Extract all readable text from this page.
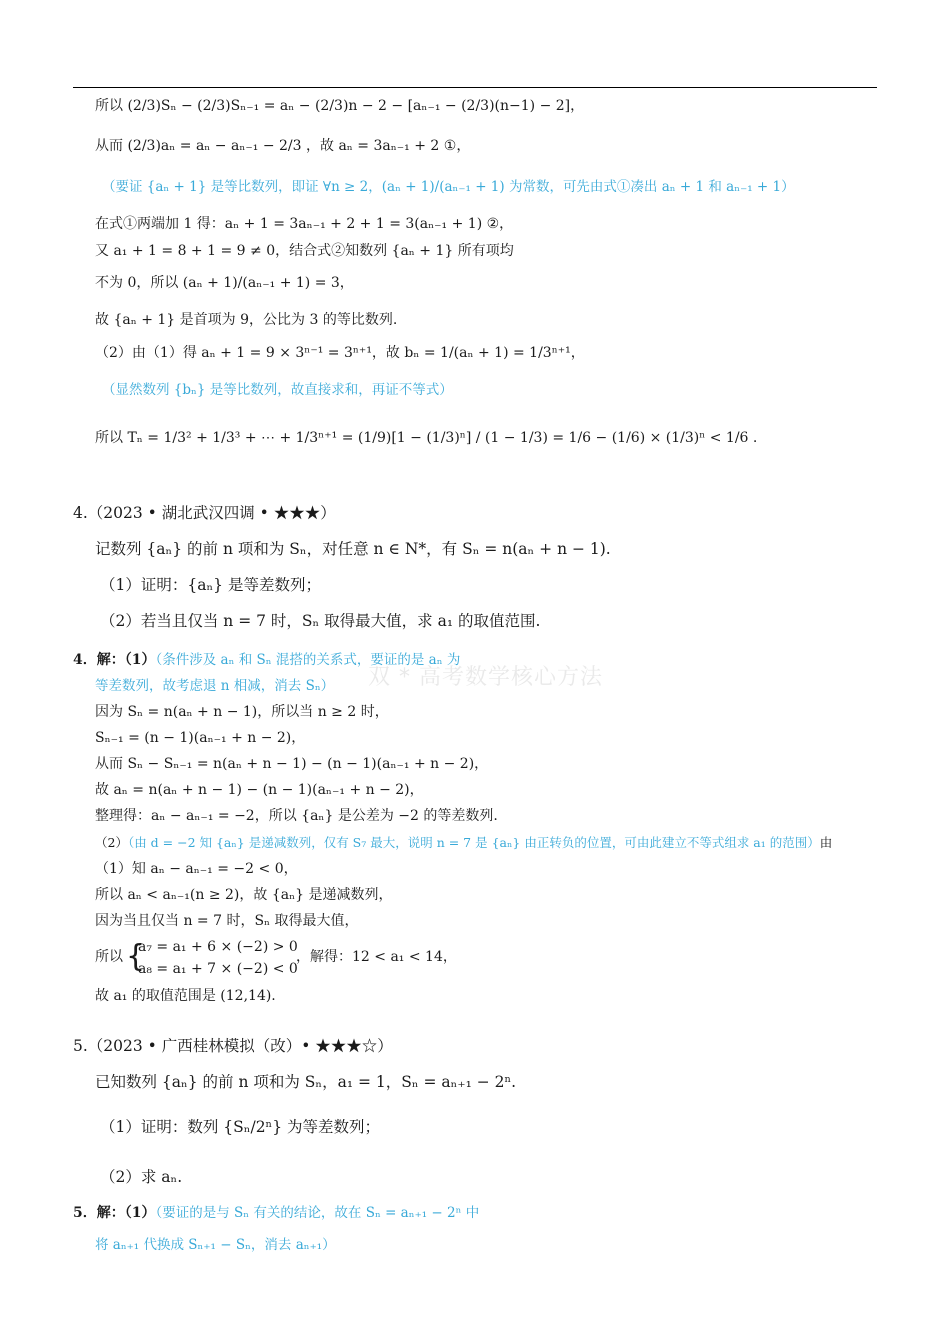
双 * 高考数学核心方法
所以 (2/3)Sₙ − (2/3)Sₙ₋₁ = aₙ − (2/3)n − 2 − [aₙ₋₁ − (2/3)(n−1) − 2]，
从而 (2/3)aₙ = aₙ − aₙ₋₁ − 2/3 ，故 aₙ = 3aₙ₋₁ + 2 ①，
（要证 {aₙ + 1} 是等比数列，即证 ∀n ≥ 2，(aₙ + 1)/(aₙ₋₁ + 1) 为常数，可先由式①凑出 aₙ + 1 和 aₙ₋₁ + 1）
在式①两端加 1 得：aₙ + 1 = 3aₙ₋₁ + 2 + 1 = 3(aₙ₋₁ + 1) ②，
又 a₁ + 1 = 8 + 1 = 9 ≠ 0，结合式②知数列 {aₙ + 1} 所有项均
不为 0，所以 (aₙ + 1)/(aₙ₋₁ + 1) = 3，
故 {aₙ + 1} 是首项为 9，公比为 3 的等比数列.
（2）由（1）得 aₙ + 1 = 9 × 3ⁿ⁻¹ = 3ⁿ⁺¹，故 bₙ = 1/(aₙ + 1) = 1/3ⁿ⁺¹，
（显然数列 {bₙ} 是等比数列，故直接求和，再证不等式）
所以 Tₙ = 1/3² + 1/3³ + ⋯ + 1/3ⁿ⁺¹ = (1/9)[1 − (1/3)ⁿ] / (1 − 1/3) = 1/6 − (1/6) × (1/3)ⁿ < 1/6 .
4.（2023 • 湖北武汉四调 • ★★★）
记数列 {aₙ} 的前 n 项和为 Sₙ，对任意 n ∈ N*，有 Sₙ = n(aₙ + n − 1).
（1）证明：{aₙ} 是等差数列；
（2）若当且仅当 n = 7 时，Sₙ 取得最大值，求 a₁ 的取值范围.
4．解：（1）（条件涉及 aₙ 和 Sₙ 混搭的关系式，要证的是 aₙ 为
等差数列，故考虑退 n 相减，消去 Sₙ）
因为 Sₙ = n(aₙ + n − 1)，所以当 n ≥ 2 时，
Sₙ₋₁ = (n − 1)(aₙ₋₁ + n − 2)，
从而 Sₙ − Sₙ₋₁ = n(aₙ + n − 1) − (n − 1)(aₙ₋₁ + n − 2)，
故 aₙ = n(aₙ + n − 1) − (n − 1)(aₙ₋₁ + n − 2)，
整理得：aₙ − aₙ₋₁ = −2，所以 {aₙ} 是公差为 −2 的等差数列.
（2）（由 d = −2 知 {aₙ} 是递减数列，仅有 S₇ 最大，说明 n = 7 是 {aₙ} 由正转负的位置，可由此建立不等式组求 a₁ 的范围）由
（1）知 aₙ − aₙ₋₁ = −2 < 0，
所以 aₙ < aₙ₋₁(n ≥ 2)，故 {aₙ} 是递减数列，
因为当且仅当 n = 7 时，Sₙ 取得最大值，
所以 {
a₇ = a₁ + 6 × (−2) > 0
a₈ = a₁ + 7 × (−2) < 0
，解得：12 < a₁ < 14，
故 a₁ 的取值范围是 (12,14).
5.（2023 • 广西桂林模拟（改）• ★★★☆）
已知数列 {aₙ} 的前 n 项和为 Sₙ，a₁ = 1，Sₙ = aₙ₊₁ − 2ⁿ.
（1）证明：数列 {Sₙ/2ⁿ} 为等差数列；
（2）求 aₙ.
5．解：（1）（要证的是与 Sₙ 有关的结论，故在 Sₙ = aₙ₊₁ − 2ⁿ 中
将 aₙ₊₁ 代换成 Sₙ₊₁ − Sₙ，消去 aₙ₊₁）
